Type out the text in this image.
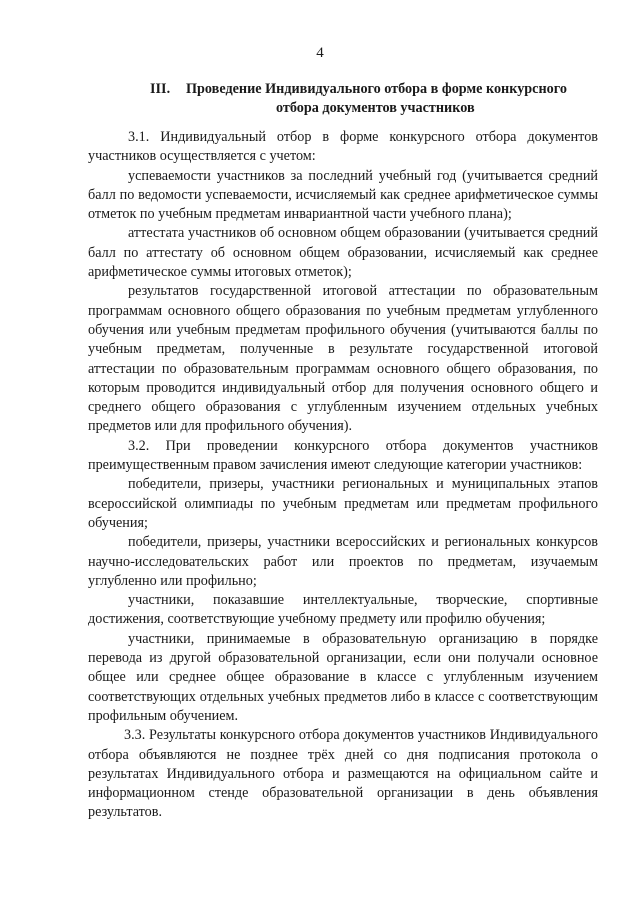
4
III. Проведение Индивидуального отбора в форме конкурсного
отбора документов участников

3.1. Индивидуальный отбор в форме конкурсного отбора документов участников осуществляется с учетом:

успеваемости участников за последний учебный год (учитывается средний балл по ведомости успеваемости, исчисляемый как среднее арифметическое суммы отметок по учебным предметам инвариантной части учебного плана);

аттестата участников об основном общем образовании (учитывается средний балл по аттестату об основном общем образовании, исчисляемый как среднее арифметическое суммы итоговых отметок);

результатов государственной итоговой аттестации по образовательным программам основного общего образования по учебным предметам углубленного обучения или учебным предметам профильного обучения (учитываются баллы по учебным предметам, полученные в результате государственной итоговой аттестации по образовательным программам основного общего образования, по которым проводится индивидуальный отбор для получения основного общего и среднего общего образования с углубленным изучением отдельных учебных предметов или для профильного обучения).

3.2. При проведении конкурсного отбора документов участников преимущественным правом зачисления имеют следующие категории участников:

победители, призеры, участники региональных и муниципальных этапов всероссийской олимпиады по учебным предметам или предметам профильного обучения;

победители, призеры, участники всероссийских и региональных конкурсов научно-исследовательских работ или проектов по предметам, изучаемым углубленно или профильно;

участники, показавшие интеллектуальные, творческие, спортивные достижения, соответствующие учебному предмету или профилю обучения;

участники, принимаемые в образовательную организацию в порядке перевода из другой образовательной организации, если они получали основное общее или среднее общее образование в классе с углубленным изучением соответствующих отдельных учебных предметов либо в классе с соответствующим профильным обучением.

3.3. Результаты конкурсного отбора документов участников Индивидуального отбора объявляются не позднее трёх дней со дня подписания протокола о результатах Индивидуального отбора и размещаются на официальном сайте и информационном стенде образовательной организации в день объявления результатов.
